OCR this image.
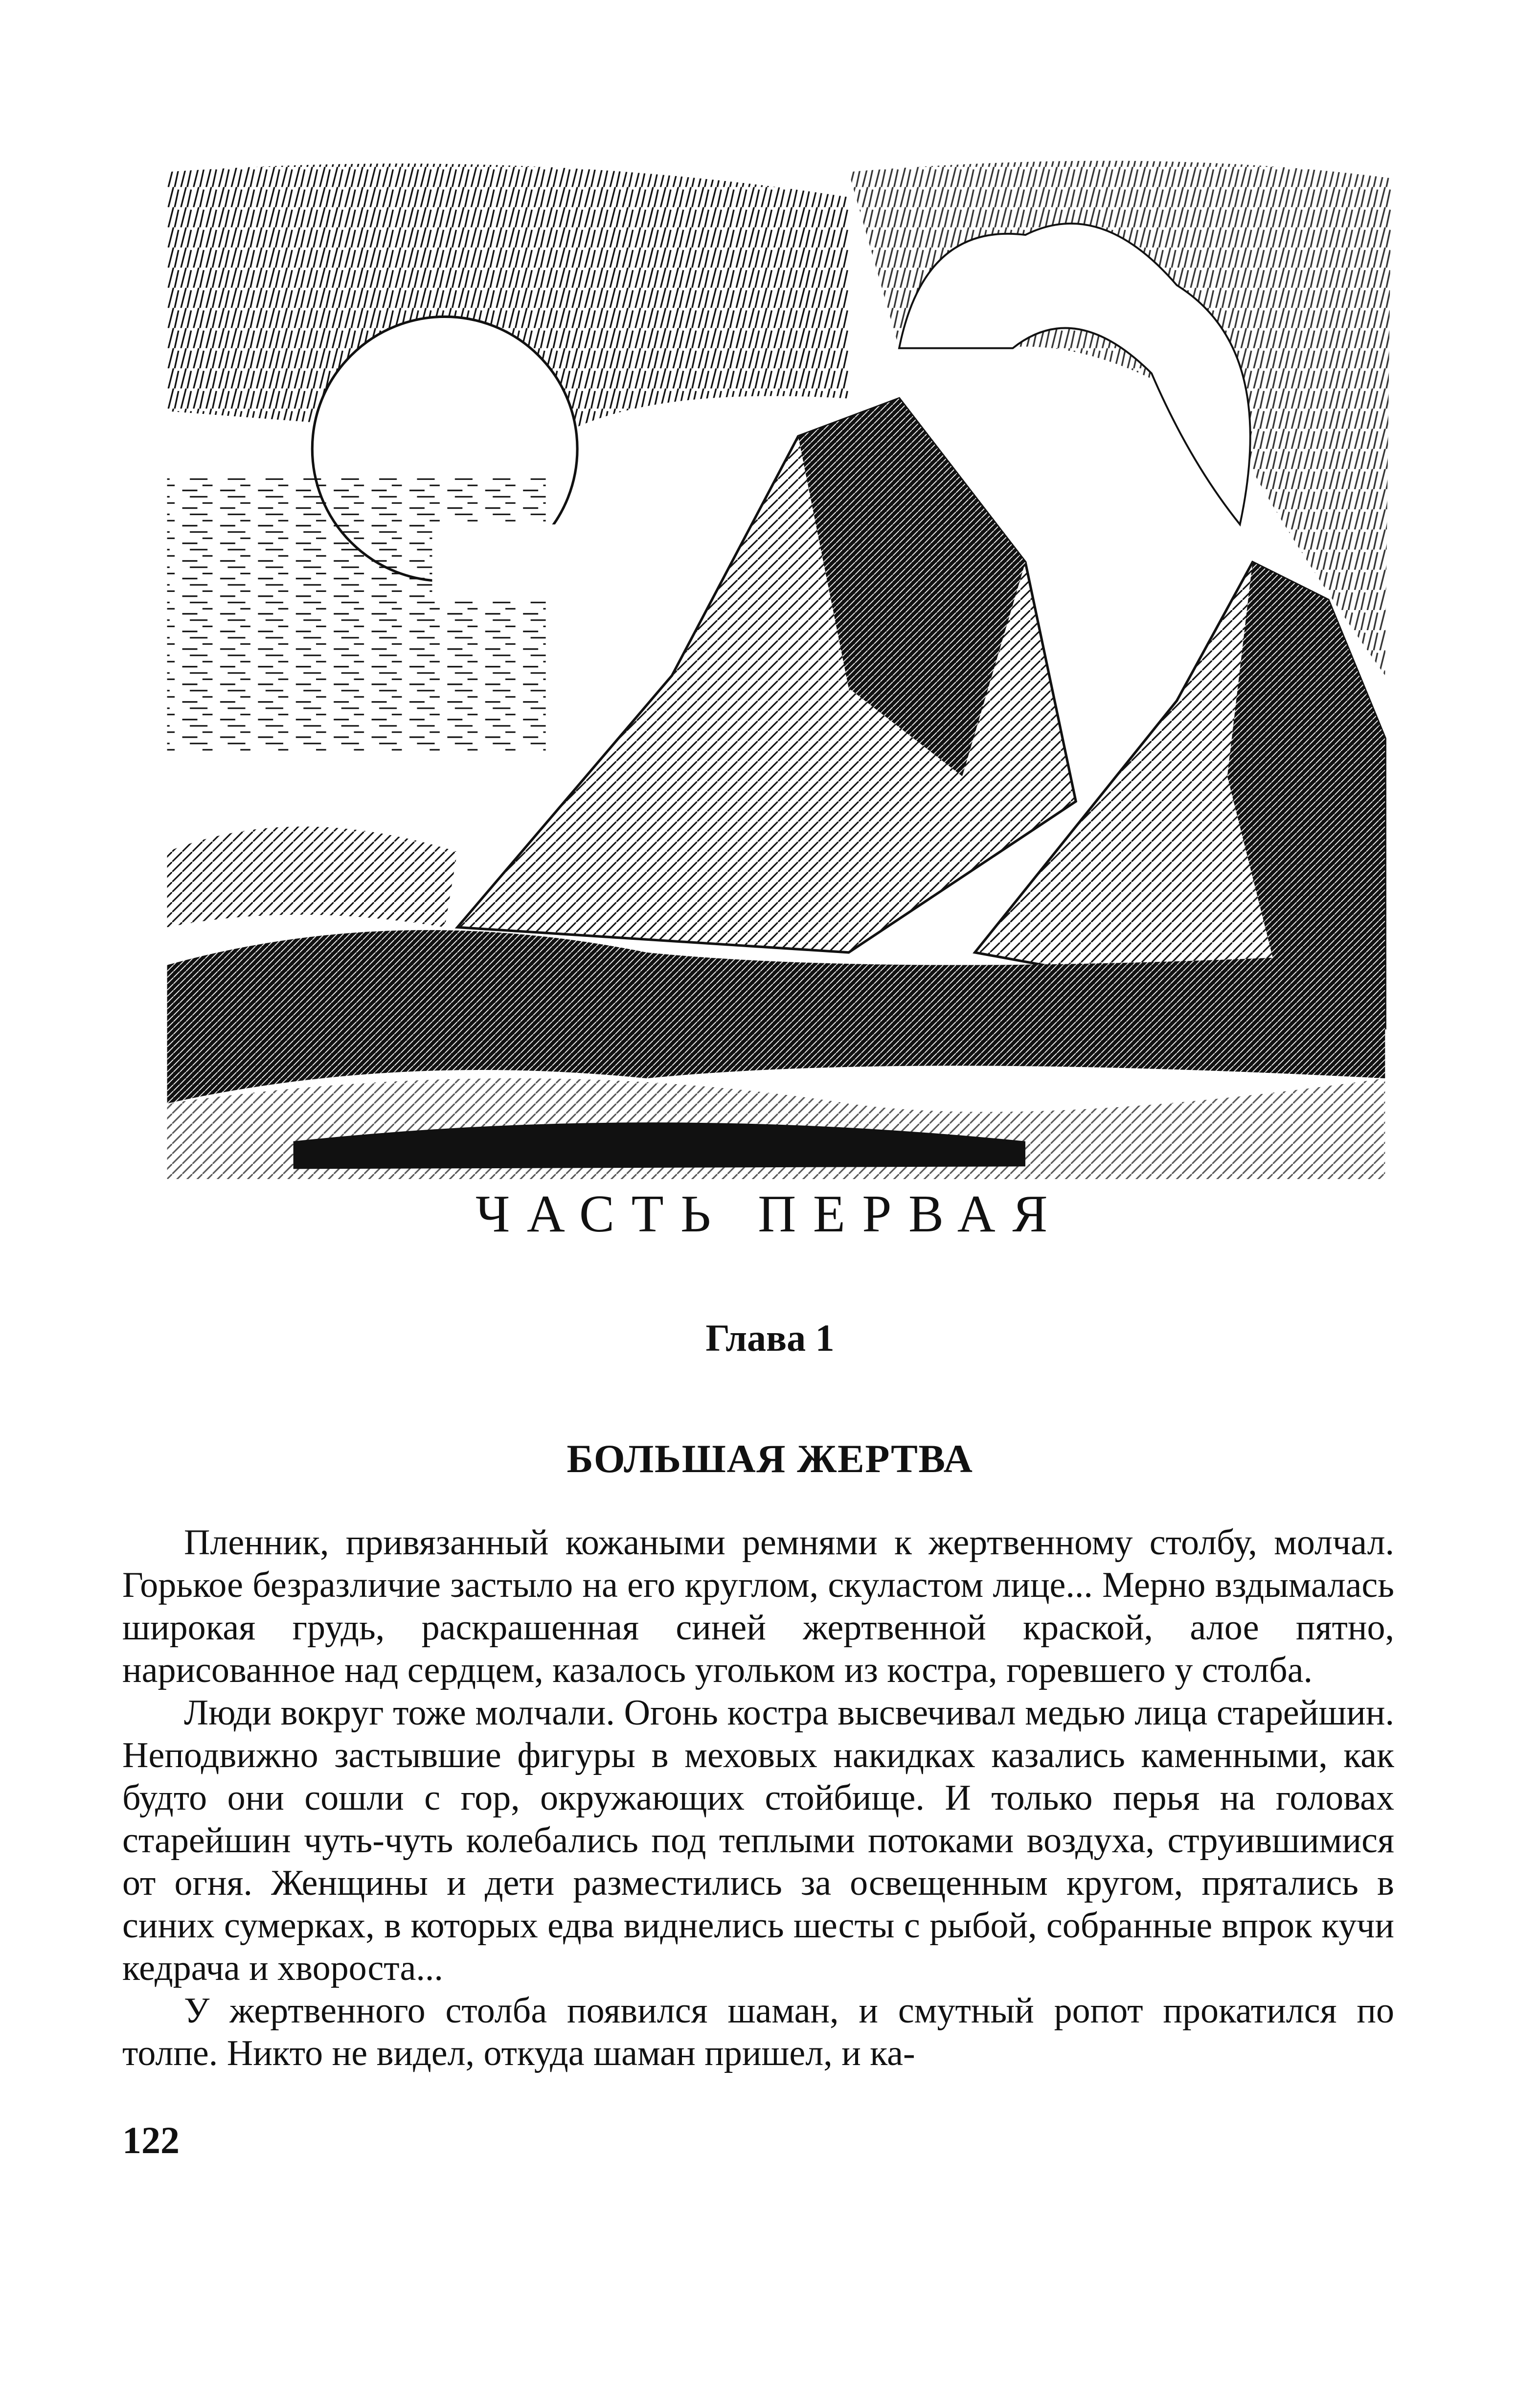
ЧАСТЬ ПЕРВАЯ
Глава 1
БОЛЬШАЯ ЖЕРТВА

Пленник, привязанный кожаными ремнями к жертвенному столбу, молчал. Горькое безразличие застыло на его круглом, скуластом лице... Мерно вздымалась широкая грудь, раскрашенная синей жертвенной краской, алое пятно, нарисованное над сердцем, казалось угольком из костра, горевшего у столба.

Люди вокруг тоже молчали. Огонь костра высвечивал медью лица старейшин. Неподвижно застывшие фигуры в меховых накидках казались каменными, как будто они сошли с гор, окружающих стойбище. И только перья на головах старейшин чуть-чуть колебались под теплыми потоками воздуха, струившимися от огня. Женщины и дети разместились за освещенным кругом, прятались в синих сумерках, в которых едва виднелись шесты с рыбой, собранные впрок кучи кедрача и хвороста...

У жертвенного столба появился шаман, и смутный ропот прокатился по толпе. Никто не видел, откуда шаман пришел, и ка-

122
